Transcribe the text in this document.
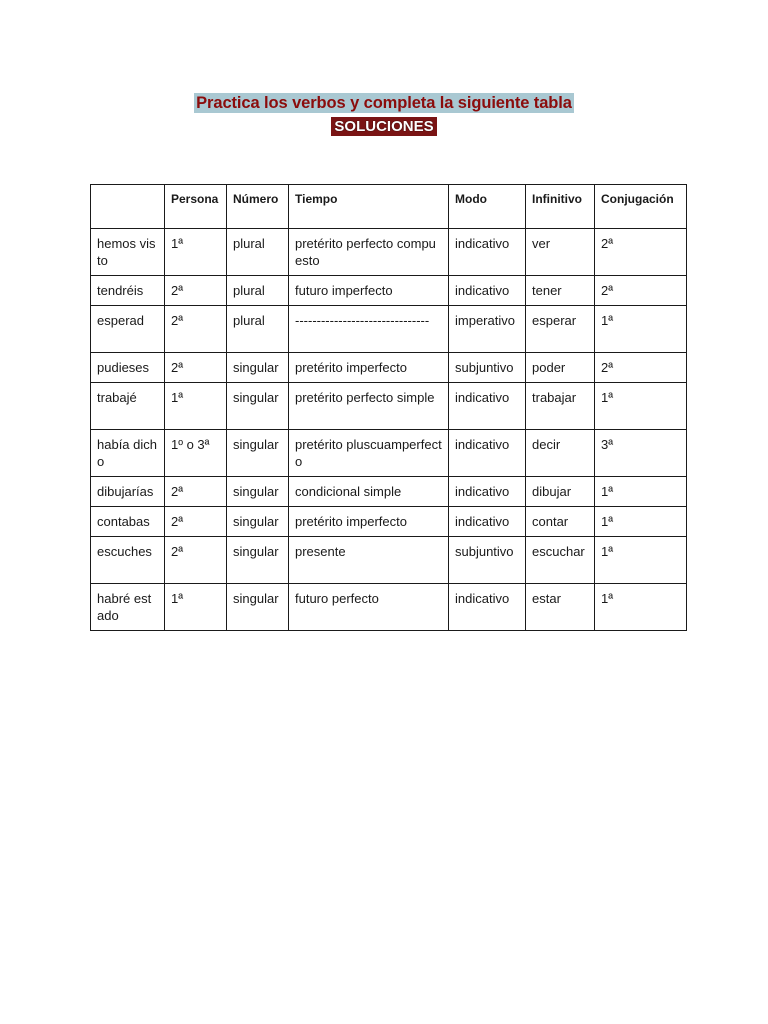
Practica los verbos y completa la siguiente tabla
SOLUCIONES
	Persona	Número	Tiempo	Modo	Infinitivo	Conjugación
hemos visto	1ª	plural	pretérito perfecto compuesto	indicativo	ver	2ª
tendréis	2ª	plural	futuro imperfecto	indicativo	tener	2ª
esperad	2ª	plural	-------------------------------	imperativo	esperar	1ª
pudieses	2ª	singular	pretérito imperfecto	subjuntivo	poder	2ª
trabajé	1ª	singular	pretérito perfecto simple	indicativo	trabajar	1ª
había dicho	1º o 3ª	singular	pretérito pluscuamperfecto	indicativo	decir	3ª
dibujarías	2ª	singular	condicional simple	indicativo	dibujar	1ª
contabas	2ª	singular	pretérito imperfecto	indicativo	contar	1ª
escuches	2ª	singular	presente	subjuntivo	escuchar	1ª
habré estado	1ª	singular	futuro perfecto	indicativo	estar	1ª
